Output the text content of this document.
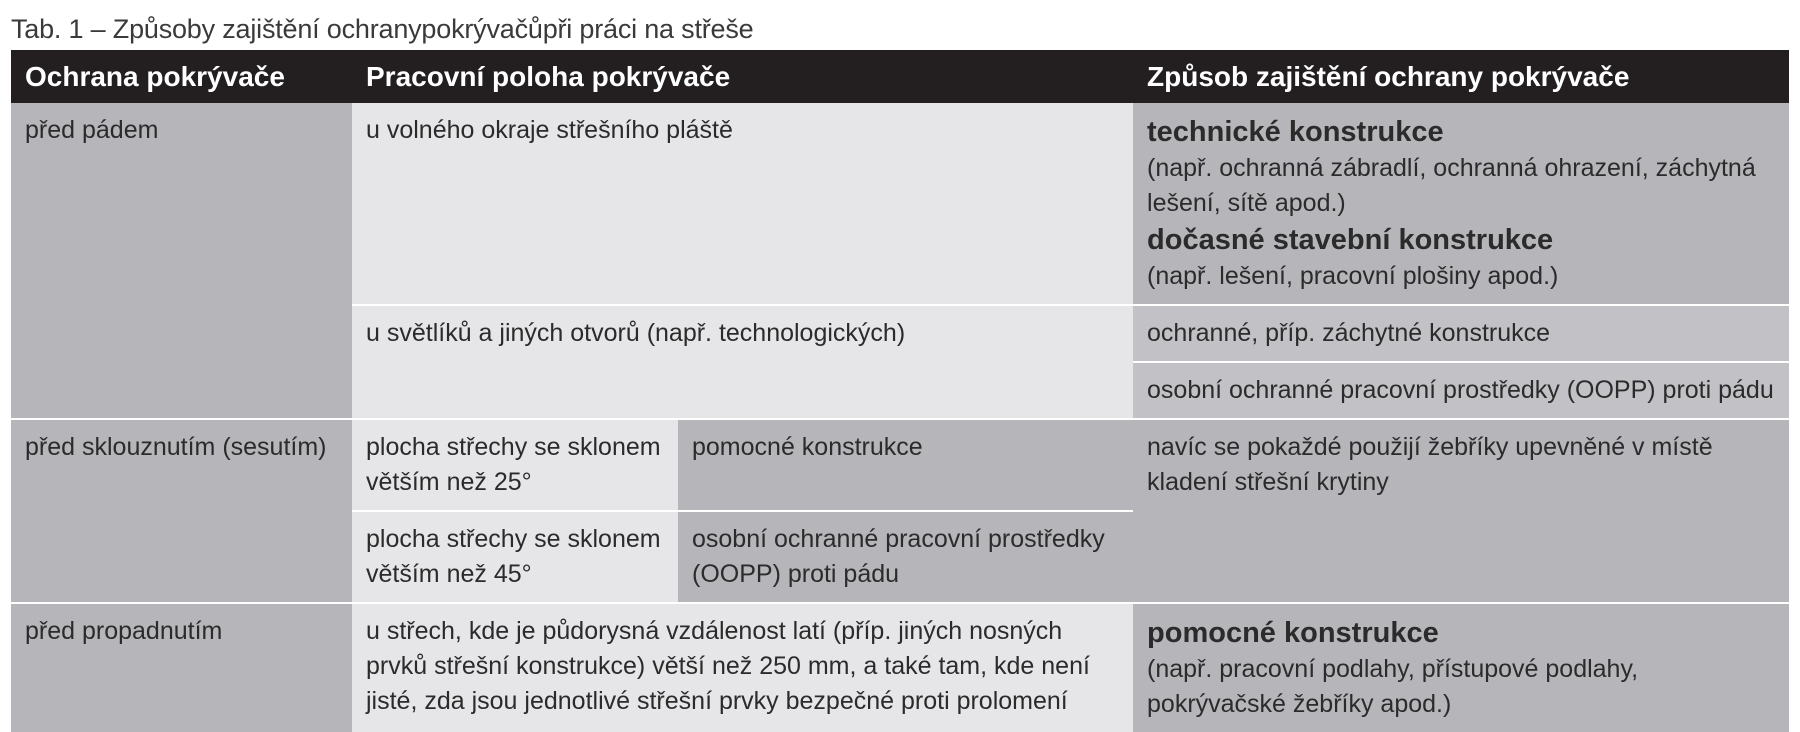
Tab. 1 – Způsoby zajištění ochranypokrývačůpři práci na střeše
Ochrana pokrývače	Pracovní poloha pokrývače		Způsob zajištění ochrany pokrývače
před pádem	u volného okraje střešního pláště		technické konstrukce
(např. ochranná zábradlí, ochranná ohrazení, záchytná lešení, sítě apod.)
dočasné stavební konstrukce
(např. lešení, pracovní plošiny apod.)

	u světlíků a jiných otvorů (např. technologických)		ochranné, příp. záchytné konstrukce
			osobní ochranné pracovní prostředky (OOPP) proti pádu
před sklouznutím (sesutím)	plocha střechy se sklonem větším než 25°	pomocné konstrukce	navíc se pokaždé použijí žebříky upevněné v místě kladení střešní krytiny
	plocha střechy se sklonem větším než 45°	osobní ochranné pracovní prostředky (OOPP) proti pádu	
před propadnutím	u střech, kde je půdorysná vzdálenost latí (příp. jiných nosných prvků střešní konstrukce) větší než 250 mm, a také tam, kde není jisté, zda jsou jednotlivé střešní prvky bezpečné proti prolomení		pomocné konstrukce
(např. pracovní podlahy, přístupové podlahy, pokrývačské žebříky apod.)
